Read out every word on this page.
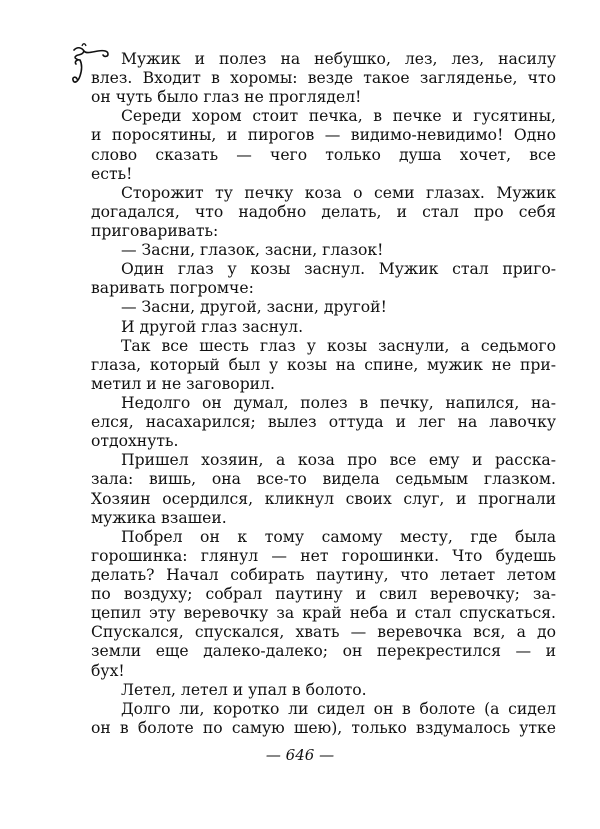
Мужик и полез на небушко, лез, лез, насилу
влез. Входит в хоромы: везде такое загляденье, что
он чуть было глаз не проглядел!
Середи хором стоит печка, в печке и гусятины,
и поросятины, и пирогов — видимо-невидимо! Одно
слово сказать — чего только душа хочет, все
есть!
Сторожит ту печку коза о семи глазах. Мужик
догадался, что надобно делать, и стал про себя
приговаривать:
— Засни, глазок, засни, глазок!
Один глаз у козы заснул. Мужик стал приго-
варивать погромче:
— Засни, другой, засни, другой!
И другой глаз заснул.
Так все шесть глаз у козы заснули, а седьмого
глаза, который был у козы на спине, мужик не при-
метил и не заговорил.
Недолго он думал, полез в печку, напился, на-
елся, насахарился; вылез оттуда и лег на лавочку
отдохнуть.
Пришел хозяин, а коза про все ему и расска-
зала: вишь, она все-то видела седьмым глазком.
Хозяин осердился, кликнул своих слуг, и прогнали
мужика взашеи.
Побрел он к тому самому месту, где была
горошинка: глянул — нет горошинки. Что будешь
делать? Начал собирать паутину, что летает летом
по воздуху; собрал паутину и свил веревочку; за-
цепил эту веревочку за край неба и стал спускаться.
Спускался, спускался, хвать — веревочка вся, а до
земли еще далеко-далеко; он перекрестился — и
бух!
Летел, летел и упал в болото.
Долго ли, коротко ли сидел он в болоте (а сидел
он в болоте по самую шею), только вздумалось утке
— 646 —
